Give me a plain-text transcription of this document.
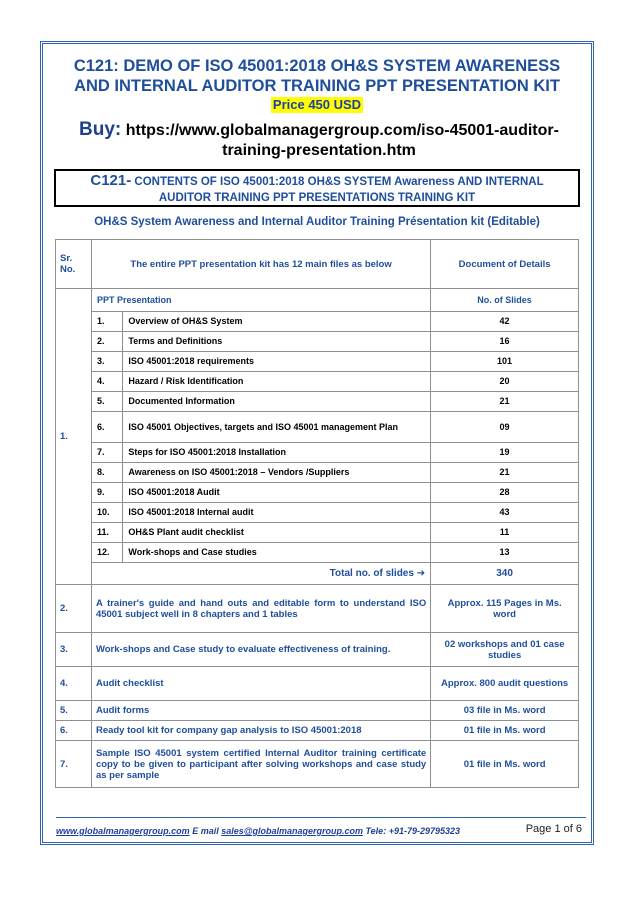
C121: DEMO OF ISO 45001:2018 OH&S SYSTEM AWARENESS
AND INTERNAL AUDITOR TRAINING PPT PRESENTATION KIT
Price 450 USD
Buy: https://www.globalmanagergroup.com/iso-45001-auditor-
training-presentation.htm
C121- CONTENTS OF ISO 45001:2018 OH&S SYSTEM Awareness AND INTERNAL
AUDITOR TRAINING PPT PRESENTATIONS TRAINING KIT
OH&S System Awareness and Internal Auditor Training Présentation kit (Editable)
Sr. No.	The entire PPT presentation kit has 12 main files as below	Document of Details
1.	
PPT Presentation	No. of Slides
1.	Overview of OH&S System	42
2.	Terms and Definitions	16
3.	ISO 45001:2018 requirements	101
4.	Hazard / Risk Identification	20
5.	Documented Information	21
6.	ISO 45001 Objectives, targets and ISO 45001 management Plan	09
7.	Steps for ISO 45001:2018 Installation	19
8.	Awareness on ISO 45001:2018 – Vendors /Suppliers	21
9.	ISO 45001:2018 Audit	28
10.	ISO 45001:2018 Internal audit	43
11.	OH&S Plant audit checklist	11
12.	Work-shops and Case studies	13
Total no. of slides ➔	340

2.	A trainer's guide and hand outs and editable form to understand ISO 45001 subject well in 8 chapters and 1 tables	Approx. 115 Pages in Ms. word
3.	Work-shops and Case study to evaluate effectiveness of training.	02 workshops and 01 case studies
4.	Audit checklist	Approx. 800 audit questions
5.	Audit forms	03 file in Ms. word
6.	Ready tool kit for company gap analysis to ISO 45001:2018	01 file in Ms. word
7.	Sample ISO 45001 system certified Internal Auditor training certificate copy to be given to participant after solving workshops and case study as per sample	01 file in Ms. word
www.globalmanagergroup.com E mail sales@globalmanagergroup.com Tele: +91-79-29795323	Page 1 of 6
